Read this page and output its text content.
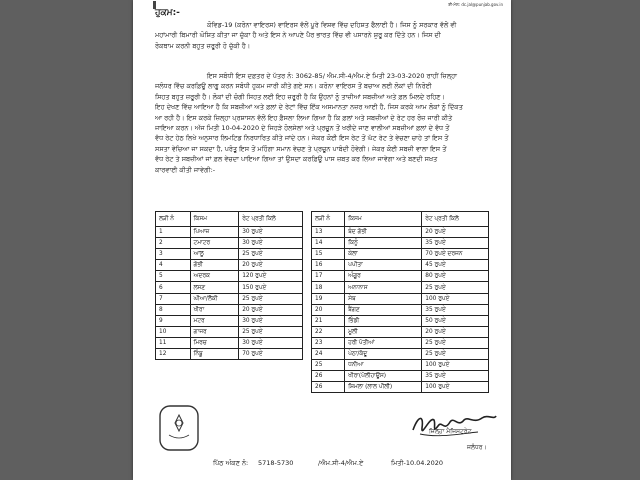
ਈ-ਮੇਲ: dc.jal@punjab.gov.in
ਹੁਕਮ:-
ਕੋਵਿਡ-19 (ਕਰੋਨਾ ਵਾਇਰਸ) ਵਾਇਰਸ ਵੱਲੋਂ ਪੂਰੇ ਵਿਸ਼ਵ ਵਿੱਚ ਦਹਿਸ਼ਤ ਫੈਲਾਈ ਹੈ। ਜਿਸ ਨੂੰ ਸਰਕਾਰ ਵੱਲੋਂ ਵੀ
ਮਹਾਂਮਾਰੀ ਬਿਮਾਰੀ ਘੋਸ਼ਿਤ ਕੀਤਾ ਜਾ ਚੁੱਕਾ ਹੈ ਅਤੇ ਇਸ ਨੇ ਆਪਣੇ ਪੈਰ ਭਾਰਤ ਵਿੱਚ ਵੀ ਪਸਾਰਨੇ ਸ਼ੁਰੂ ਕਰ ਦਿੱਤੇ ਹਨ। ਜਿਸ ਦੀ
ਰੋਕਥਾਮ ਕਰਨੀ ਬਹੁਤ ਜ਼ਰੂਰੀ ਹੋ ਚੁੱਕੀ ਹੈ।
ਇਸ ਸਬੰਧੀ ਇਸ ਦਫ਼ਤਰ ਦੇ ਪੱਤਰ ਨੰ: 3062-85/ ਐਮ.ਸੀ-4/ਐਮ.ਏ ਮਿਤੀ 23-03-2020 ਰਾਹੀਂ ਜ਼ਿਲ੍ਹਾ
ਜਲੰਧਰ ਵਿੱਚ ਕਰਫ਼ਿਊ ਲਾਗੂ ਕਰਨ ਸਬੰਧੀ ਹੁਕਮ ਜਾਰੀ ਕੀਤੇ ਗਏ ਸਨ। ਕਰੋਨਾ ਵਾਇਰਸ ਤੋਂ ਬਚਾਅ ਲਈ ਲੋਕਾਂ ਦੀ ਨਿਰੋਈ
ਸਿਹਤ ਬਹੁਤ ਜ਼ਰੂਰੀ ਹੈ। ਲੋਕਾਂ ਦੀ ਚੰਗੀ ਸਿਹਤ ਲਈ ਇਹ ਜ਼ਰੂਰੀ ਹੈ ਕਿ ਉਹਨਾਂ ਨੂੰ ਤਾਜ਼ੀਆਂ ਸਬਜ਼ੀਆਂ ਅਤੇ ਫ਼ਲ ਮਿਲਦੇ ਰਹਿਣ।
ਇਹ ਦੇਖਣ ਵਿੱਚ ਆਇਆ ਹੈ ਕਿ ਸਬਜ਼ੀਆਂ ਅਤੇ ਫ਼ਲਾਂ ਦੇ ਰੇਟਾਂ ਵਿੱਚ ਇੱਕ ਅਸਮਾਨਤਾ ਨਜ਼ਰ ਆਈ ਹੈ, ਜਿਸ ਕਰਕੇ ਆਮ ਲੋਕਾਂ ਨੂੰ ਦਿੱਕਤ
ਆ ਰਹੀ ਹੈ। ਇਸ ਕਰਕੇ ਜ਼ਿਲ੍ਹਾ ਪ੍ਰਸ਼ਾਸਨ ਵੱਲੋਂ ਇਹ ਫ਼ੈਸਲਾ ਲਿਆ ਗਿਆ ਹੈ ਕਿ ਫ਼ਲਾਂ ਅਤੇ ਸਬਜ਼ੀਆਂ ਦੇ ਰੇਟ ਹਰ ਰੋਜ਼ ਜਾਰੀ ਕੀਤੇ
ਜਾਇਆ ਕਰਨ। ਅੱਜ ਮਿਤੀ 10-04-2020 ਦੇ ਜਿਹੜੇ ਹੋਲਸੇਲਾਂ ਅਤੇ ਪ੍ਰਚੂਨ ਤੋਂ ਖਰੀਦੇ ਜਾਣ ਵਾਲੀਆਂ ਸਬਜ਼ੀਆਂ ਫ਼ਲਾਂ ਦੇ ਵੱਧ ਤੋਂ
ਵੱਧ ਰੇਟ ਹੇਠ ਲਿਖੇ ਅਨੁਸਾਰ ਲਿਮਟਿਡ ਨਿਰਧਾਰਿਤ ਕੀਤੇ ਜਾਂਦੇ ਹਨ। ਜੇਕਰ ਕੋਈ ਇਸ ਰੇਟ ਤੋਂ ਘੱਟ ਰੇਟ ਤੇ ਵੇਚਣਾ ਚਾਹੇ ਤਾਂ ਇਸ ਤੋਂ
ਸਸਤਾ ਵੇਚਿਆ ਜਾ ਸਕਦਾ ਹੈ, ਪਰੰਤੂ ਇਸ ਤੋਂ ਮਹਿੰਗਾ ਸਮਾਨ ਵੇਚਣ ਤੇ ਪ੍ਰਚੂਨ ਪਾਬੰਦੀ ਹੋਵੇਗੀ। ਜੇਕਰ ਕੋਈ ਸਬਜ਼ੀ ਵਾਲਾ ਇਸ ਤੋਂ
ਵੱਧ ਰੇਟ ਤੇ ਸਬਜ਼ੀਆਂ ਜਾਂ ਫ਼ਲ ਵੇਚਦਾ ਪਾਇਆ ਗਿਆ ਤਾਂ ਉਸਦਾ ਕਰਫ਼ਿਊ ਪਾਸ ਜ਼ਬਤ ਕਰ ਲਿਆ ਜਾਵੇਗਾ ਅਤੇ ਬਣਦੀ ਸਖ਼ਤ
ਕਾਰਵਾਈ ਕੀਤੀ ਜਾਵੇਗੀ:-
ਲੜੀ ਨੰ	ਕਿਸਮ	ਰੇਟ ਪ੍ਰਤੀ ਕਿਲੋ
1	ਪਿਆਜ਼	30 ਰੁਪਏ
2	ਟਮਾਟਰ	30 ਰੁਪਏ
3	ਆਲੂ	25 ਰੁਪਏ
4	ਗੋਭੀ	20 ਰੁਪਏ
5	ਅਦਰਕ	120 ਰੁਪਏ
6	ਲਸਣ	150 ਰੁਪਏ
7	ਘੀਆ/ਲੌਕੀ	25 ਰੁਪਏ
8	ਖੀਰਾ	20 ਰੁਪਏ
9	ਮਟਰ	30 ਰੁਪਏ
10	ਗਾਜਰ	25 ਰੁਪਏ
11	ਮਿਰਚ	30 ਰੁਪਏ
12	ਨਿੰਬੂ	70 ਰੁਪਏ
ਲੜੀ ਨੰ	ਕਿਸਮ	ਰੇਟ ਪ੍ਰਤੀ ਕਿਲੋ
13	ਬੰਦ ਗੋਭੀ	20 ਰੁਪਏ
14	ਕਿਨੂੰ	35 ਰੁਪਏ
15	ਕੇਲਾ	70 ਰੁਪਏ ਦਰਜਨ
16	ਪਪੀਤਾ	45 ਰੁਪਏ
17	ਅੰਗੂਰ	80 ਰੁਪਏ
18	ਅਨਾਨਾਸ	25 ਰੁਪਏ
19	ਸੇਬ	100 ਰੁਪਏ
20	ਬੈਂਗਣ	35 ਰੁਪਏ
21	ਭਿੰਡੀ	50 ਰੁਪਏ
22	ਮੂਲੀ	20 ਰੁਪਏ
23	ਹਰੀ ਪੱਤੀਆਂ	25 ਰੁਪਏ
24	ਪੇਠਾ/ਕੱਦੂ	25 ਰੁਪਏ
25	ਧਨੀਆ	100 ਰੁਪਏ
26	ਖੀਰਾ(ਪੋਲੀਹਾਊਸ)	35 ਰੁਪਏ
26	ਸ਼ਿਮਲਾ (ਲਾਲ ਪੀਲੀ)	100 ਰੁਪਏ
ਜ਼ਿਲ੍ਹਾ ਮੈਜਿਸਟਰੇਟ
ਜਲੰਧਰ।
ਪਿੱਠ ਅੰਕਣ ਨੰ: 5718-5730	/ਐਮ.ਸੀ-4/ਐਮ.ਏ	ਮਿਤੀ-10.04.2020
